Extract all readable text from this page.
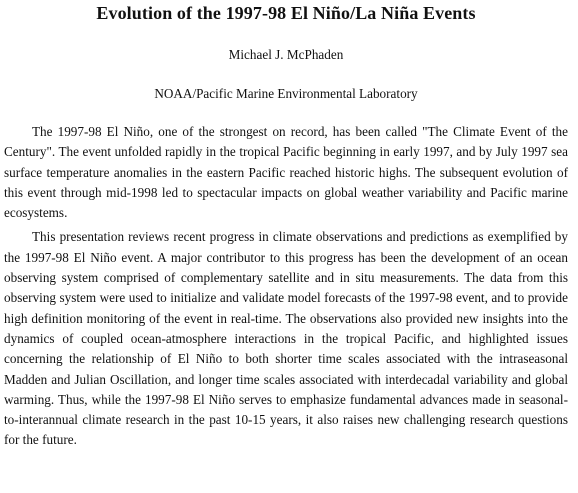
Evolution of the 1997-98 El Niño/La Niña Events
Michael J. McPhaden
NOAA/Pacific Marine Environmental Laboratory

The 1997-98 El Niño, one of the strongest on record, has been called "The Climate Event of the Century". The event unfolded rapidly in the tropical Pacific beginning in early 1997, and by July 1997 sea surface temperature anomalies in the eastern Pacific reached historic highs. The subsequent evolution of this event through mid-1998 led to spectacular impacts on global weather variability and Pacific marine ecosystems.

This presentation reviews recent progress in climate observations and predictions as exemplified by the 1997-98 El Niño event. A major contributor to this progress has been the development of an ocean observing system comprised of complementary satellite and in situ measurements. The data from this observing system were used to initialize and validate model forecasts of the 1997-98 event, and to provide high definition monitoring of the event in real-time. The observations also provided new insights into the dynamics of coupled ocean-atmosphere interactions in the tropical Pacific, and highlighted issues concerning the relationship of El Niño to both shorter time scales associated with the intraseasonal Madden and Julian Oscillation, and longer time scales associated with interdecadal variability and global warming. Thus, while the 1997-98 El Niño serves to emphasize fundamental advances made in seasonal-to-interannual climate research in the past 10-15 years, it also raises new challenging research questions for the future.
